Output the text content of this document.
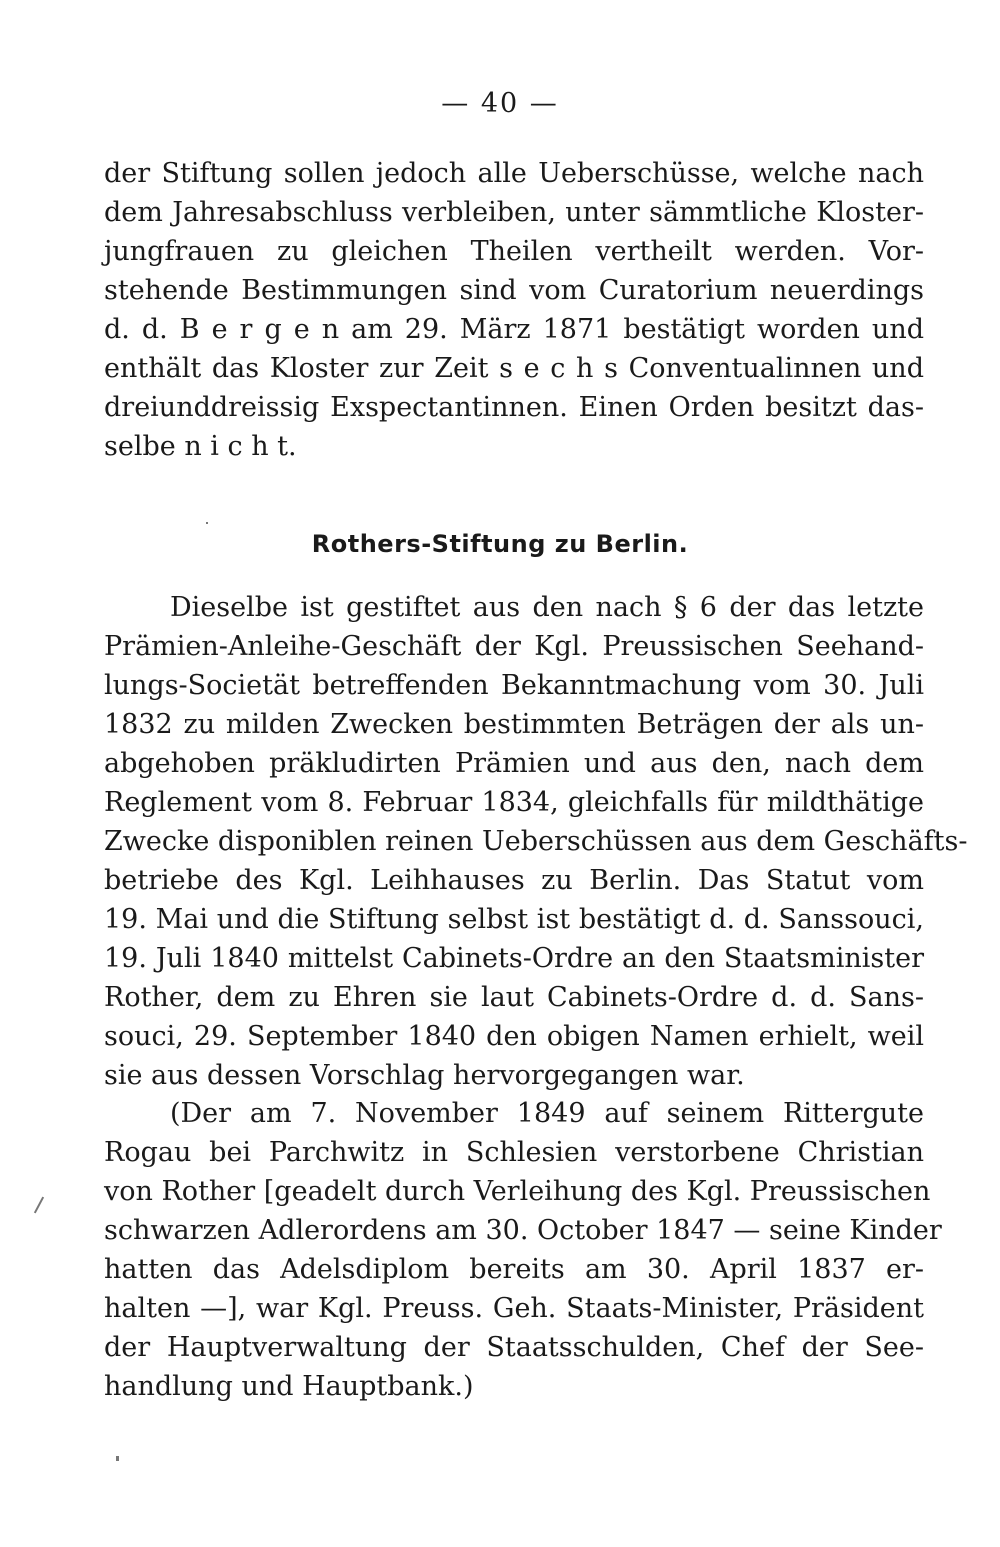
— 40 —
der Stiftung sollen jedoch alle Ueberschüsse, welche nach
dem Jahresabschluss verbleiben, unter sämmtliche Kloster-
jungfrauen zu gleichen Theilen vertheilt werden. Vor-
stehende Bestimmungen sind vom Curatorium neuerdings
d. d. B e r g e n am 29. März 1871 bestätigt worden und
enthält das Kloster zur Zeit s e c h s Conventualinnen und
dreiunddreissig Exspectantinnen. Einen Orden besitzt das-
selbe n i c h t.
Rothers-Stiftung zu Berlin.
Dieselbe ist gestiftet aus den nach § 6 der das letzte
Prämien-Anleihe-Geschäft der Kgl. Preussischen Seehand-
lungs-Societät betreffenden Bekanntmachung vom 30. Juli
1832 zu milden Zwecken bestimmten Beträgen der als un-
abgehoben präkludirten Prämien und aus den, nach dem
Reglement vom 8. Februar 1834, gleichfalls für mildthätige
Zwecke disponiblen reinen Ueberschüssen aus dem Geschäfts-
betriebe des Kgl. Leihhauses zu Berlin. Das Statut vom
19. Mai und die Stiftung selbst ist bestätigt d. d. Sanssouci,
19. Juli 1840 mittelst Cabinets-Ordre an den Staatsminister
Rother, dem zu Ehren sie laut Cabinets-Ordre d. d. Sans-
souci, 29. September 1840 den obigen Namen erhielt, weil
sie aus dessen Vorschlag hervorgegangen war.
(Der am 7. November 1849 auf seinem Rittergute
Rogau bei Parchwitz in Schlesien verstorbene Christian
von Rother [geadelt durch Verleihung des Kgl. Preussischen
schwarzen Adlerordens am 30. October 1847 — seine Kinder
hatten das Adelsdiplom bereits am 30. April 1837 er-
halten —], war Kgl. Preuss. Geh. Staats-Minister, Präsident
der Hauptverwaltung der Staatsschulden, Chef der See-
handlung und Hauptbank.)
